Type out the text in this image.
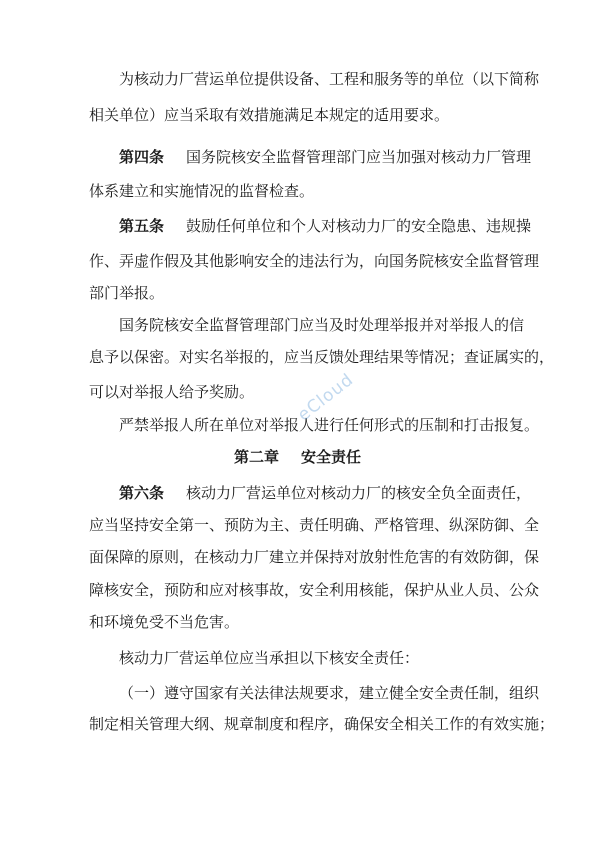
为核动力厂营运单位提供设备、工程和服务等的单位（以下简称
相关单位）应当采取有效措施满足本规定的适用要求。
第四条 国务院核安全监督管理部门应当加强对核动力厂管理
体系建立和实施情况的监督检查。
第五条 鼓励任何单位和个人对核动力厂的安全隐患、违规操
作、弄虚作假及其他影响安全的违法行为，向国务院核安全监督管理
部门举报。
国务院核安全监督管理部门应当及时处理举报并对举报人的信
息予以保密。对实名举报的，应当反馈处理结果等情况；查证属实的，
可以对举报人给予奖励。
严禁举报人所在单位对举报人进行任何形式的压制和打击报复。
第二章 安全责任
第六条 核动力厂营运单位对核动力厂的核安全负全面责任，
应当坚持安全第一、预防为主、责任明确、严格管理、纵深防御、全
面保障的原则，在核动力厂建立并保持对放射性危害的有效防御，保
障核安全，预防和应对核事故，安全利用核能，保护从业人员、公众
和环境免受不当危害。
核动力厂营运单位应当承担以下核安全责任：
（一）遵守国家有关法律法规要求，建立健全安全责任制，组织
制定相关管理大纲、规章制度和程序，确保安全相关工作的有效实施；
eCloud
